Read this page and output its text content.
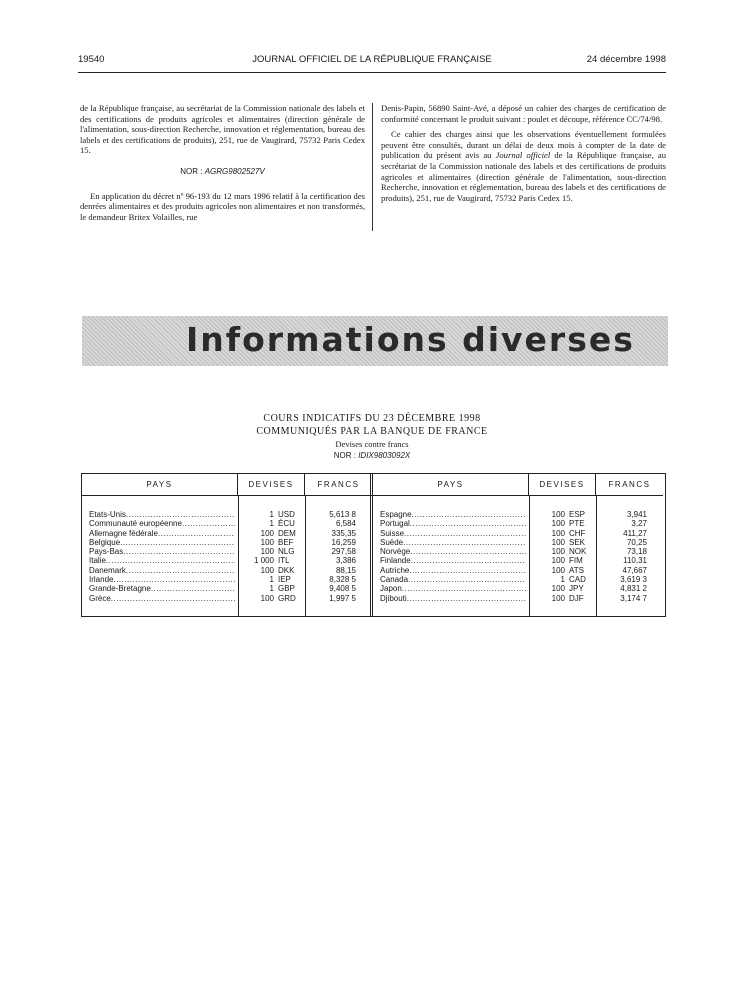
19540	JOURNAL OFFICIEL DE LA RÉPUBLIQUE FRANÇAISE	24 décembre 1998

de la République française, au secrétariat de la Commission nationale des labels et des certifications de produits agricoles et alimentaires (direction générale de l'alimentation, sous-direction Recherche, innovation et réglementation, bureau des labels et des certifications de produits), 251, rue de Vaugirard, 75732 Paris Cedex 15.

NOR : AGRG9802527V

En application du décret nº 96-193 du 12 mars 1996 relatif à la certification des denrées alimentaires et des produits agricoles non alimentaires et non transformés, le demandeur Britex Volailles, rue

Denis-Papin, 56890 Saint-Avé, a déposé un cahier des charges de certification de conformité concernant le produit suivant : poulet et découpe, référence CC/74/98.

Ce cahier des charges ainsi que les observations éventuellement formulées peuvent être consultés, durant un délai de deux mois à compter de la date de publication du présent avis au Journal officiel de la République française, au secrétariat de la Commission nationale des labels et des certifications de produits agricoles et alimentaires (direction générale de l'alimentation, sous-direction Recherche, innovation et réglementation, bureau des labels et des certifications de produits), 251, rue de Vaugirard, 75732 Paris Cedex 15.

Informations diverses
COURS INDICATIFS DU 23 DÉCEMBRE 1998
COMMUNIQUÉS PAR LA BANQUE DE FRANCE
Devises contre francs
NOR : IDIX9803092X
PAYS	DEVISES	FRANCS
Etats-Unis .....	1 USD	5,613 8
Communauté européenne .....	1 ÉCU	6,584
Allemagne fédérale .....	100 DEM	335,35
Belgique .....	100 BEF	16,259
Pays-Bas .....	100 NLG	297,58
Italie .....	1 000 ITL	3,386
Danemark .....	100 DKK	88,15
Irlande .....	1 IEP	8,328 5
Grande-Bretagne .....	1 GBP	9,408 5
Grèce .....	100 GRD	1,997 5
PAYS	DEVISES	FRANCS
Espagne .....	100 ESP	3,941
Portugal .....	100 PTE	3,27
Suisse .....	100 CHF	411,27
Suède .....	100 SEK	70,25
Norvège .....	100 NOK	73,18
Finlande .....	100 FIM	110,31
Autriche .....	100 ATS	47,667
Canada .....	1 CAD	3,619 3
Japon .....	100 JPY	4,831 2
Djibouti .....	100 DJF	3,174 7
